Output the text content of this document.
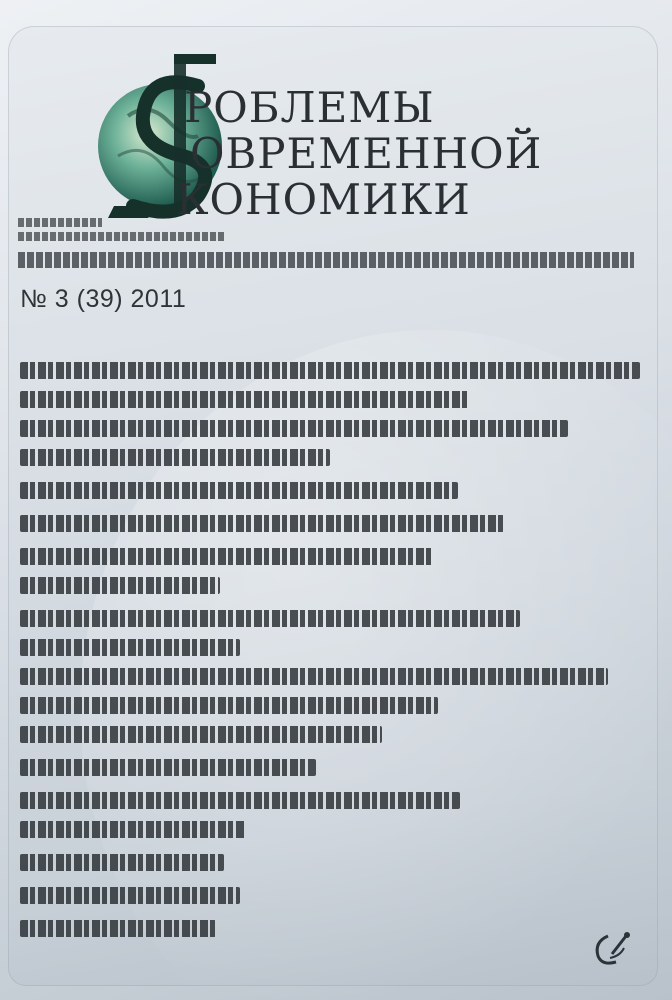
РОБЛЕМЫ
ОВРЕМЕННОЙ
КОНОМИКИ
№ 3 (39) 2011
